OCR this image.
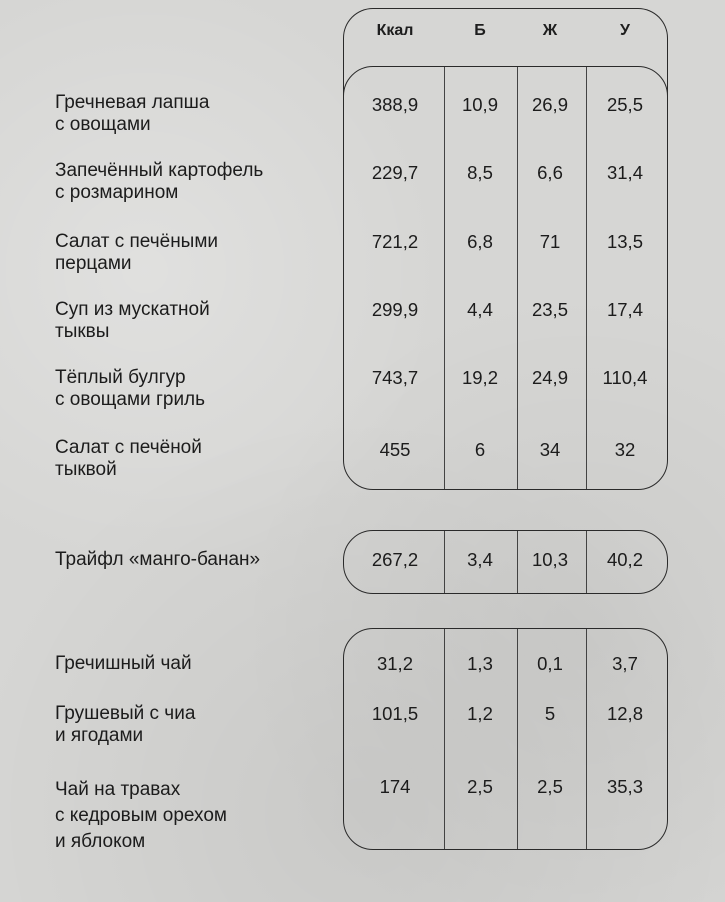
Ккал	Б	Ж	У
Гречневая лапша
с овощами
388,9	10,9	26,9	25,5
Запечённый картофель
с розмарином
229,7	8,5	6,6	31,4
Салат с печёными
перцами
721,2	6,8	71	13,5
Суп из мускатной
тыквы
299,9	4,4	23,5	17,4
Тёплый булгур
с овощами гриль
743,7	19,2	24,9	110,4
Салат с печёной
тыквой
455	6	34	32
Трайфл «манго-банан»	267,2	3,4	10,3	40,2
Гречишный чай	31,2	1,3	0,1	3,7
Грушевый с чиа
и ягодами
101,5	1,2	5	12,8
Чай на травах
с кедровым орехом
и яблоком
174	2,5	2,5	35,3
